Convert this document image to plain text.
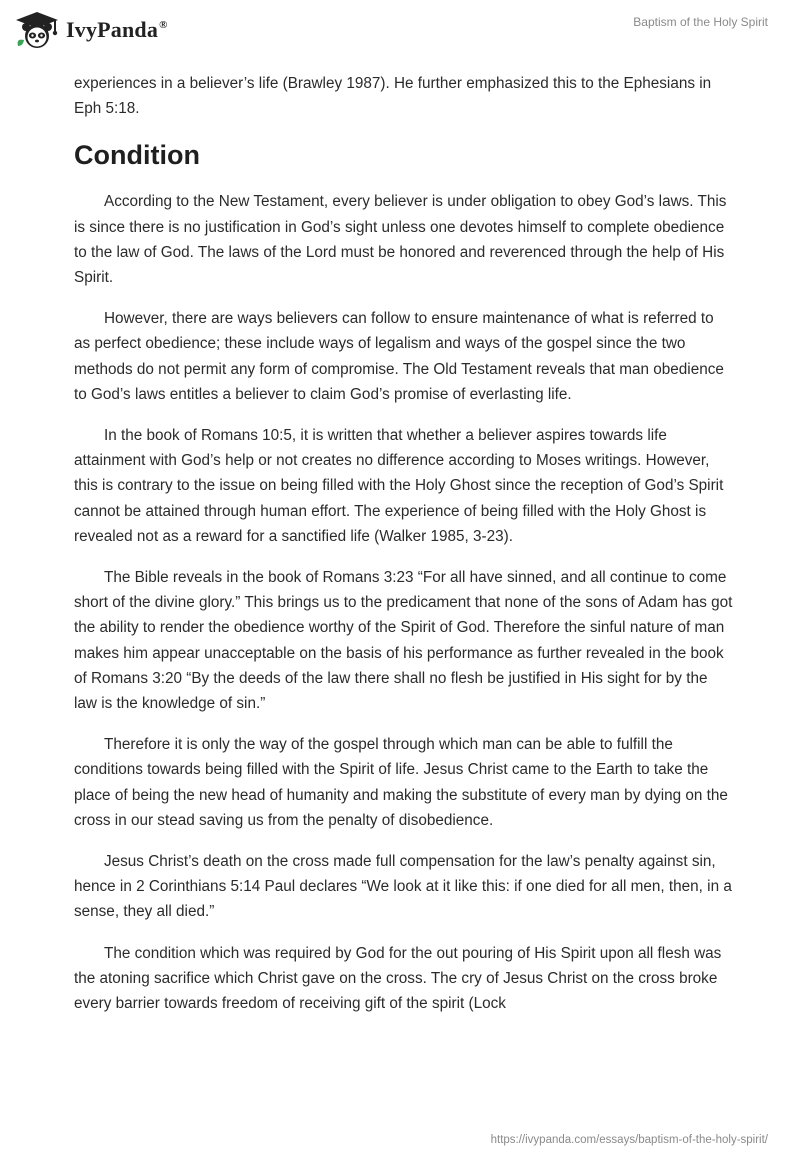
IvyPanda®	Baptism of the Holy Spirit

experiences in a believer’s life (Brawley 1987). He further emphasized this to the Ephesians in Eph 5:18.

Condition

According to the New Testament, every believer is under obligation to obey God’s laws. This is since there is no justification in God’s sight unless one devotes himself to complete obedience to the law of God. The laws of the Lord must be honored and reverenced through the help of His Spirit.

However, there are ways believers can follow to ensure maintenance of what is referred to as perfect obedience; these include ways of legalism and ways of the gospel since the two methods do not permit any form of compromise. The Old Testament reveals that man obedience to God’s laws entitles a believer to claim God’s promise of everlasting life.

In the book of Romans 10:5, it is written that whether a believer aspires towards life attainment with God’s help or not creates no difference according to Moses writings. However, this is contrary to the issue on being filled with the Holy Ghost since the reception of God’s Spirit cannot be attained through human effort. The experience of being filled with the Holy Ghost is revealed not as a reward for a sanctified life (Walker 1985, 3-23).

The Bible reveals in the book of Romans 3:23 “For all have sinned, and all continue to come short of the divine glory.” This brings us to the predicament that none of the sons of Adam has got the ability to render the obedience worthy of the Spirit of God. Therefore the sinful nature of man makes him appear unacceptable on the basis of his performance as further revealed in the book of Romans 3:20 “By the deeds of the law there shall no flesh be justified in His sight for by the law is the knowledge of sin.”

Therefore it is only the way of the gospel through which man can be able to fulfill the conditions towards being filled with the Spirit of life. Jesus Christ came to the Earth to take the place of being the new head of humanity and making the substitute of every man by dying on the cross in our stead saving us from the penalty of disobedience.

Jesus Christ’s death on the cross made full compensation for the law’s penalty against sin, hence in 2 Corinthians 5:14 Paul declares “We look at it like this: if one died for all men, then, in a sense, they all died.”

The condition which was required by God for the out pouring of His Spirit upon all flesh was the atoning sacrifice which Christ gave on the cross. The cry of Jesus Christ on the cross broke every barrier towards freedom of receiving gift of the spirit (Lock

https://ivypanda.com/essays/baptism-of-the-holy-spirit/
